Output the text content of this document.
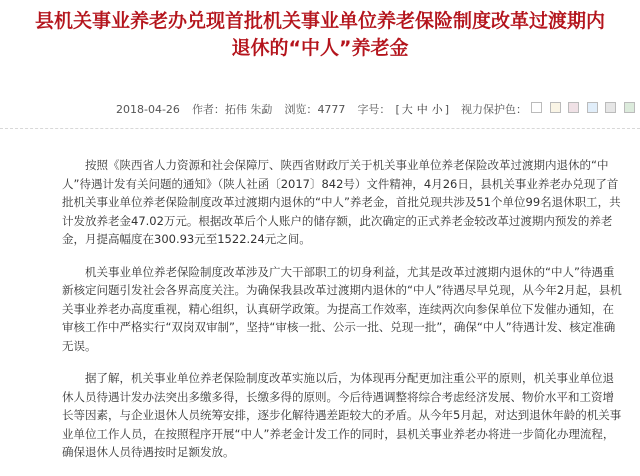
县机关事业养老办兑现首批机关事业单位养老保险制度改革过渡期内
退休的“中人”养老金
2018-04-26 作者： 拓伟 朱勐 浏览： 4777 字号： [ 大 中 小 ] 视力保护色：

按照《陕西省人力资源和社会保障厅、陕西省财政厅关于机关事业单位养老保险改革过渡期内退休的“中人”待遇计发有关问题的通知》（陕人社函〔2017〕842号）文件精神，4月26日，县机关事业养老办兑现了首批机关事业单位养老保险制度改革过渡期内退休的“中人”养老金，首批兑现共涉及51个单位99名退休职工，共计发放养老金47.02万元。根据改革后个人账户的储存额，此次确定的正式养老金较改革过渡期内预发的养老金，月提高幅度在300.93元至1522.24元之间。

机关事业单位养老保险制度改革涉及广大干部职工的切身利益，尤其是改革过渡期内退休的“中人”待遇重新核定问题引发社会各界高度关注。为确保我县改革过渡期内退休的“中人”待遇尽早兑现，从今年2月起，县机关事业养老办高度重视，精心组织，认真研学政策。为提高工作效率，连续两次向参保单位下发催办通知，在审核工作中严格实行“双岗双审制”，坚持“审核一批、公示一批、兑现一批”，确保“中人”待遇计发、核定准确无误。

据了解，机关事业单位养老保险制度改革实施以后，为体现再分配更加注重公平的原则，机关事业单位退休人员待遇计发办法突出多缴多得，长缴多得的原则。今后待遇调整将综合考虑经济发展、物价水平和工资增长等因素，与企业退休人员统筹安排，逐步化解待遇差距较大的矛盾。从今年5月起，对达到退休年龄的机关事业单位工作人员，在按照程序开展“中人”养老金计发工作的同时，县机关事业养老办将进一步简化办理流程，确保退休人员待遇按时足额发放。
